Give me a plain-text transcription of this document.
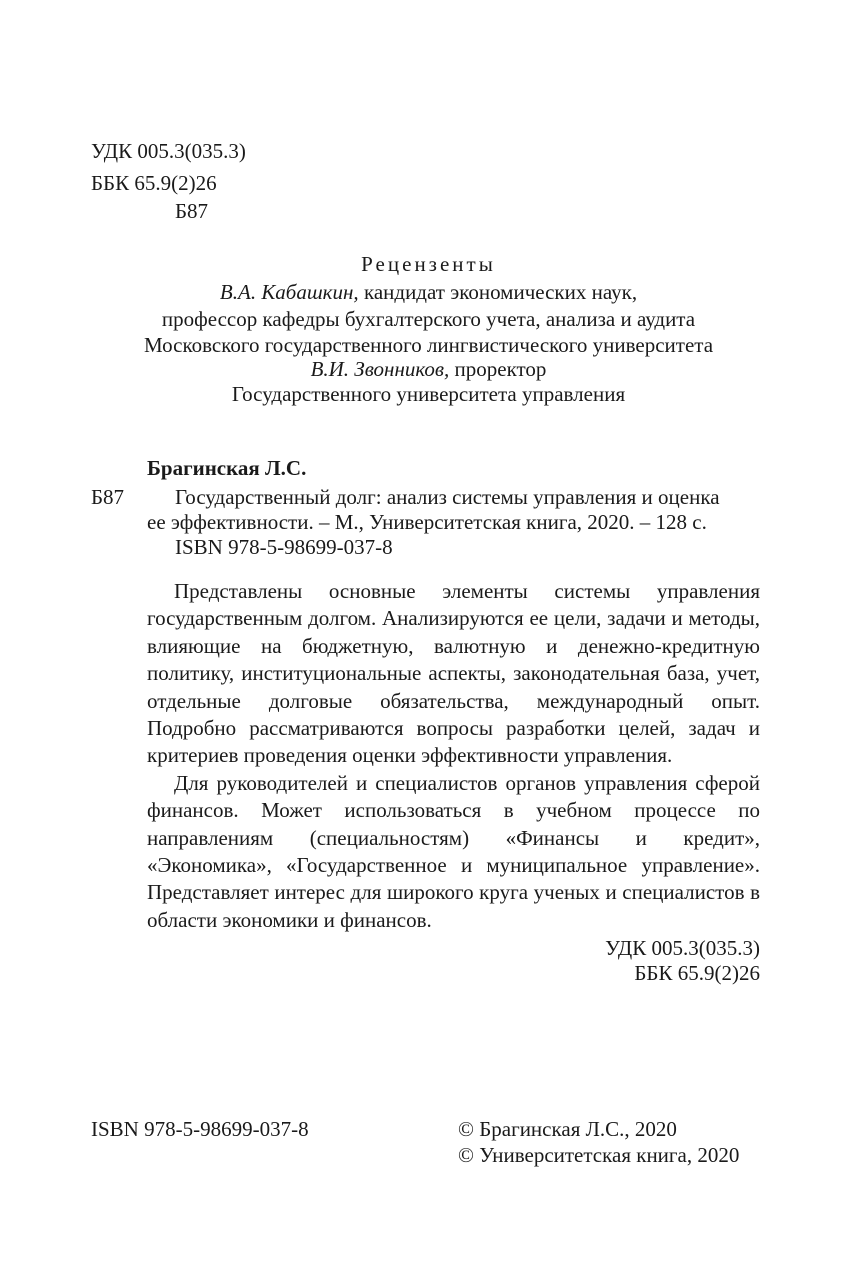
УДК 005.3(035.3)
ББК 65.9(2)26
Б87
Рецензенты
В.А. Кабашкин, кандидат экономических наук,
профессор кафедры бухгалтерского учета, анализа и аудита
Московского государственного лингвистического университета
В.И. Звонников, проректор
Государственного университета управления
Брагинская Л.С.
Б87 Государственный долг: анализ системы управления и оценка
ее эффективности. – М., Университетская книга, 2020. – 128 с.
ISBN 978-5-98699-037-8

Представлены основные элементы системы управления государственным долгом. Анализируются ее цели, задачи и методы, влияющие на бюджетную, валютную и денежно-кредитную политику, институциональные аспекты, законодательная база, учет, отдельные долговые обязательства, международный опыт. Подробно рассматриваются вопросы разработки целей, задач и критериев проведения оценки эффективности управления.

Для руководителей и специалистов органов управления сферой финансов. Может использоваться в учебном процессе по направлениям (специальностям) «Финансы и кредит», «Экономика», «Государственное и муниципальное управление». Представляет интерес для широкого круга ученых и специалистов в области экономики и финансов.

УДК 005.3(035.3)
ББК 65.9(2)26
ISBN 978-5-98699-037-8	© Брагинская Л.С., 2020
© Университетская книга, 2020
